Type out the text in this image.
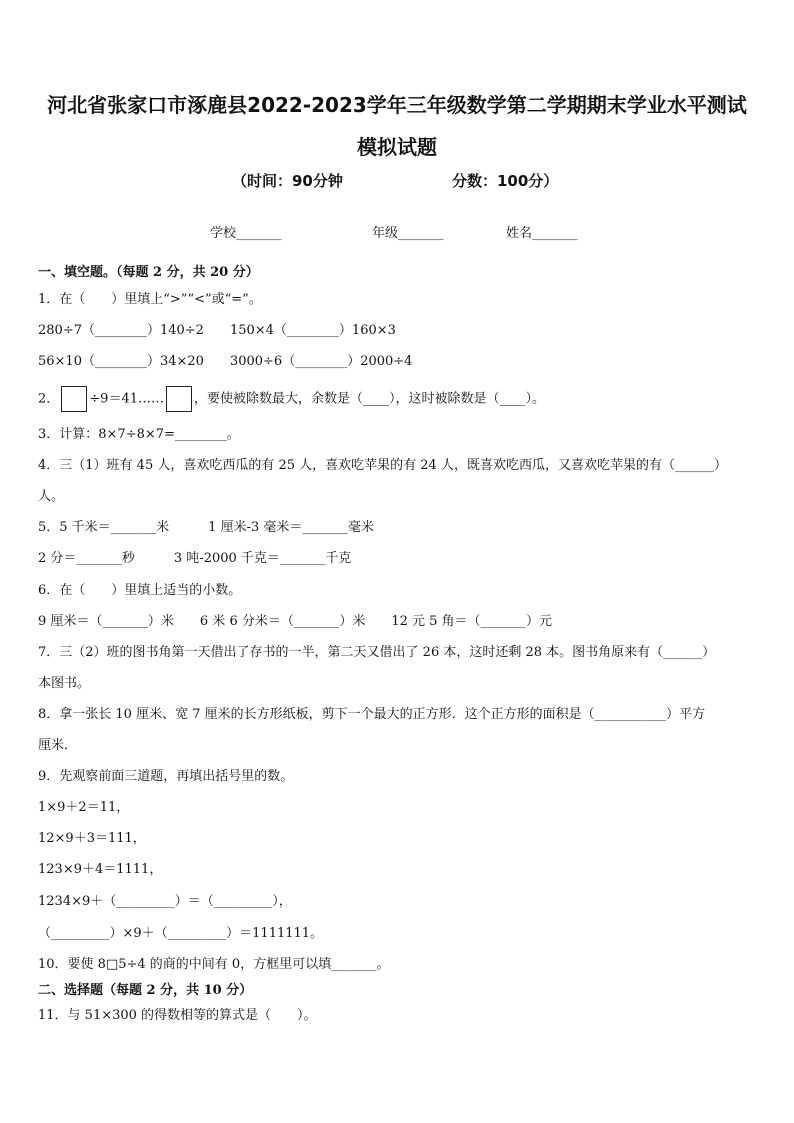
河北省张家口市涿鹿县2022-2023学年三年级数学第二学期期末学业水平测试模拟试题
（时间：90分钟	分数：100分）
学校_______	年级_______	姓名_______
一、填空题。（每题 2 分，共 20 分）
1．在（　　）里填上“>”“<”或“=”。
280÷7（________）140÷2　　150×4（________）160×3
56×10（________）34×20　　3000÷6（________）2000÷4
2． ÷9＝41…… ，要使被除数最大，余数是（____），这时被除数是（____）。
3．计算：8×7÷8×7=________。
4．三（1）班有 45 人，喜欢吃西瓜的有 25 人，喜欢吃苹果的有 24 人，既喜欢吃西瓜，又喜欢吃苹果的有（______）
人。
5．5 千米＝_______米　　　1 厘米-3 毫米＝_______毫米
2 分＝_______秒　　　3 吨-2000 千克＝_______千克
6．在（　　）里填上适当的小数。
9 厘米＝（_______）米　　6 米 6 分米＝（_______）米　　12 元 5 角＝（_______）元
7．三（2）班的图书角第一天借出了存书的一半，第二天又借出了 26 本，这时还剩 28 本。图书角原来有（______）
本图书。
8．拿一张长 10 厘米、宽 7 厘米的长方形纸板，剪下一个最大的正方形．这个正方形的面积是（___________）平方
厘米．
9．先观察前面三道题，再填出括号里的数。
1×9＋2＝11，
12×9＋3＝111，
123×9＋4＝1111，
1234×9＋（_________）＝（_________），
（_________）×9＋（_________）＝1111111。
10．要使 8□5÷4 的商的中间有 0，方框里可以填_______。
二、选择题（每题 2 分，共 10 分）
11．与 51×300 的得数相等的算式是（　　）。
